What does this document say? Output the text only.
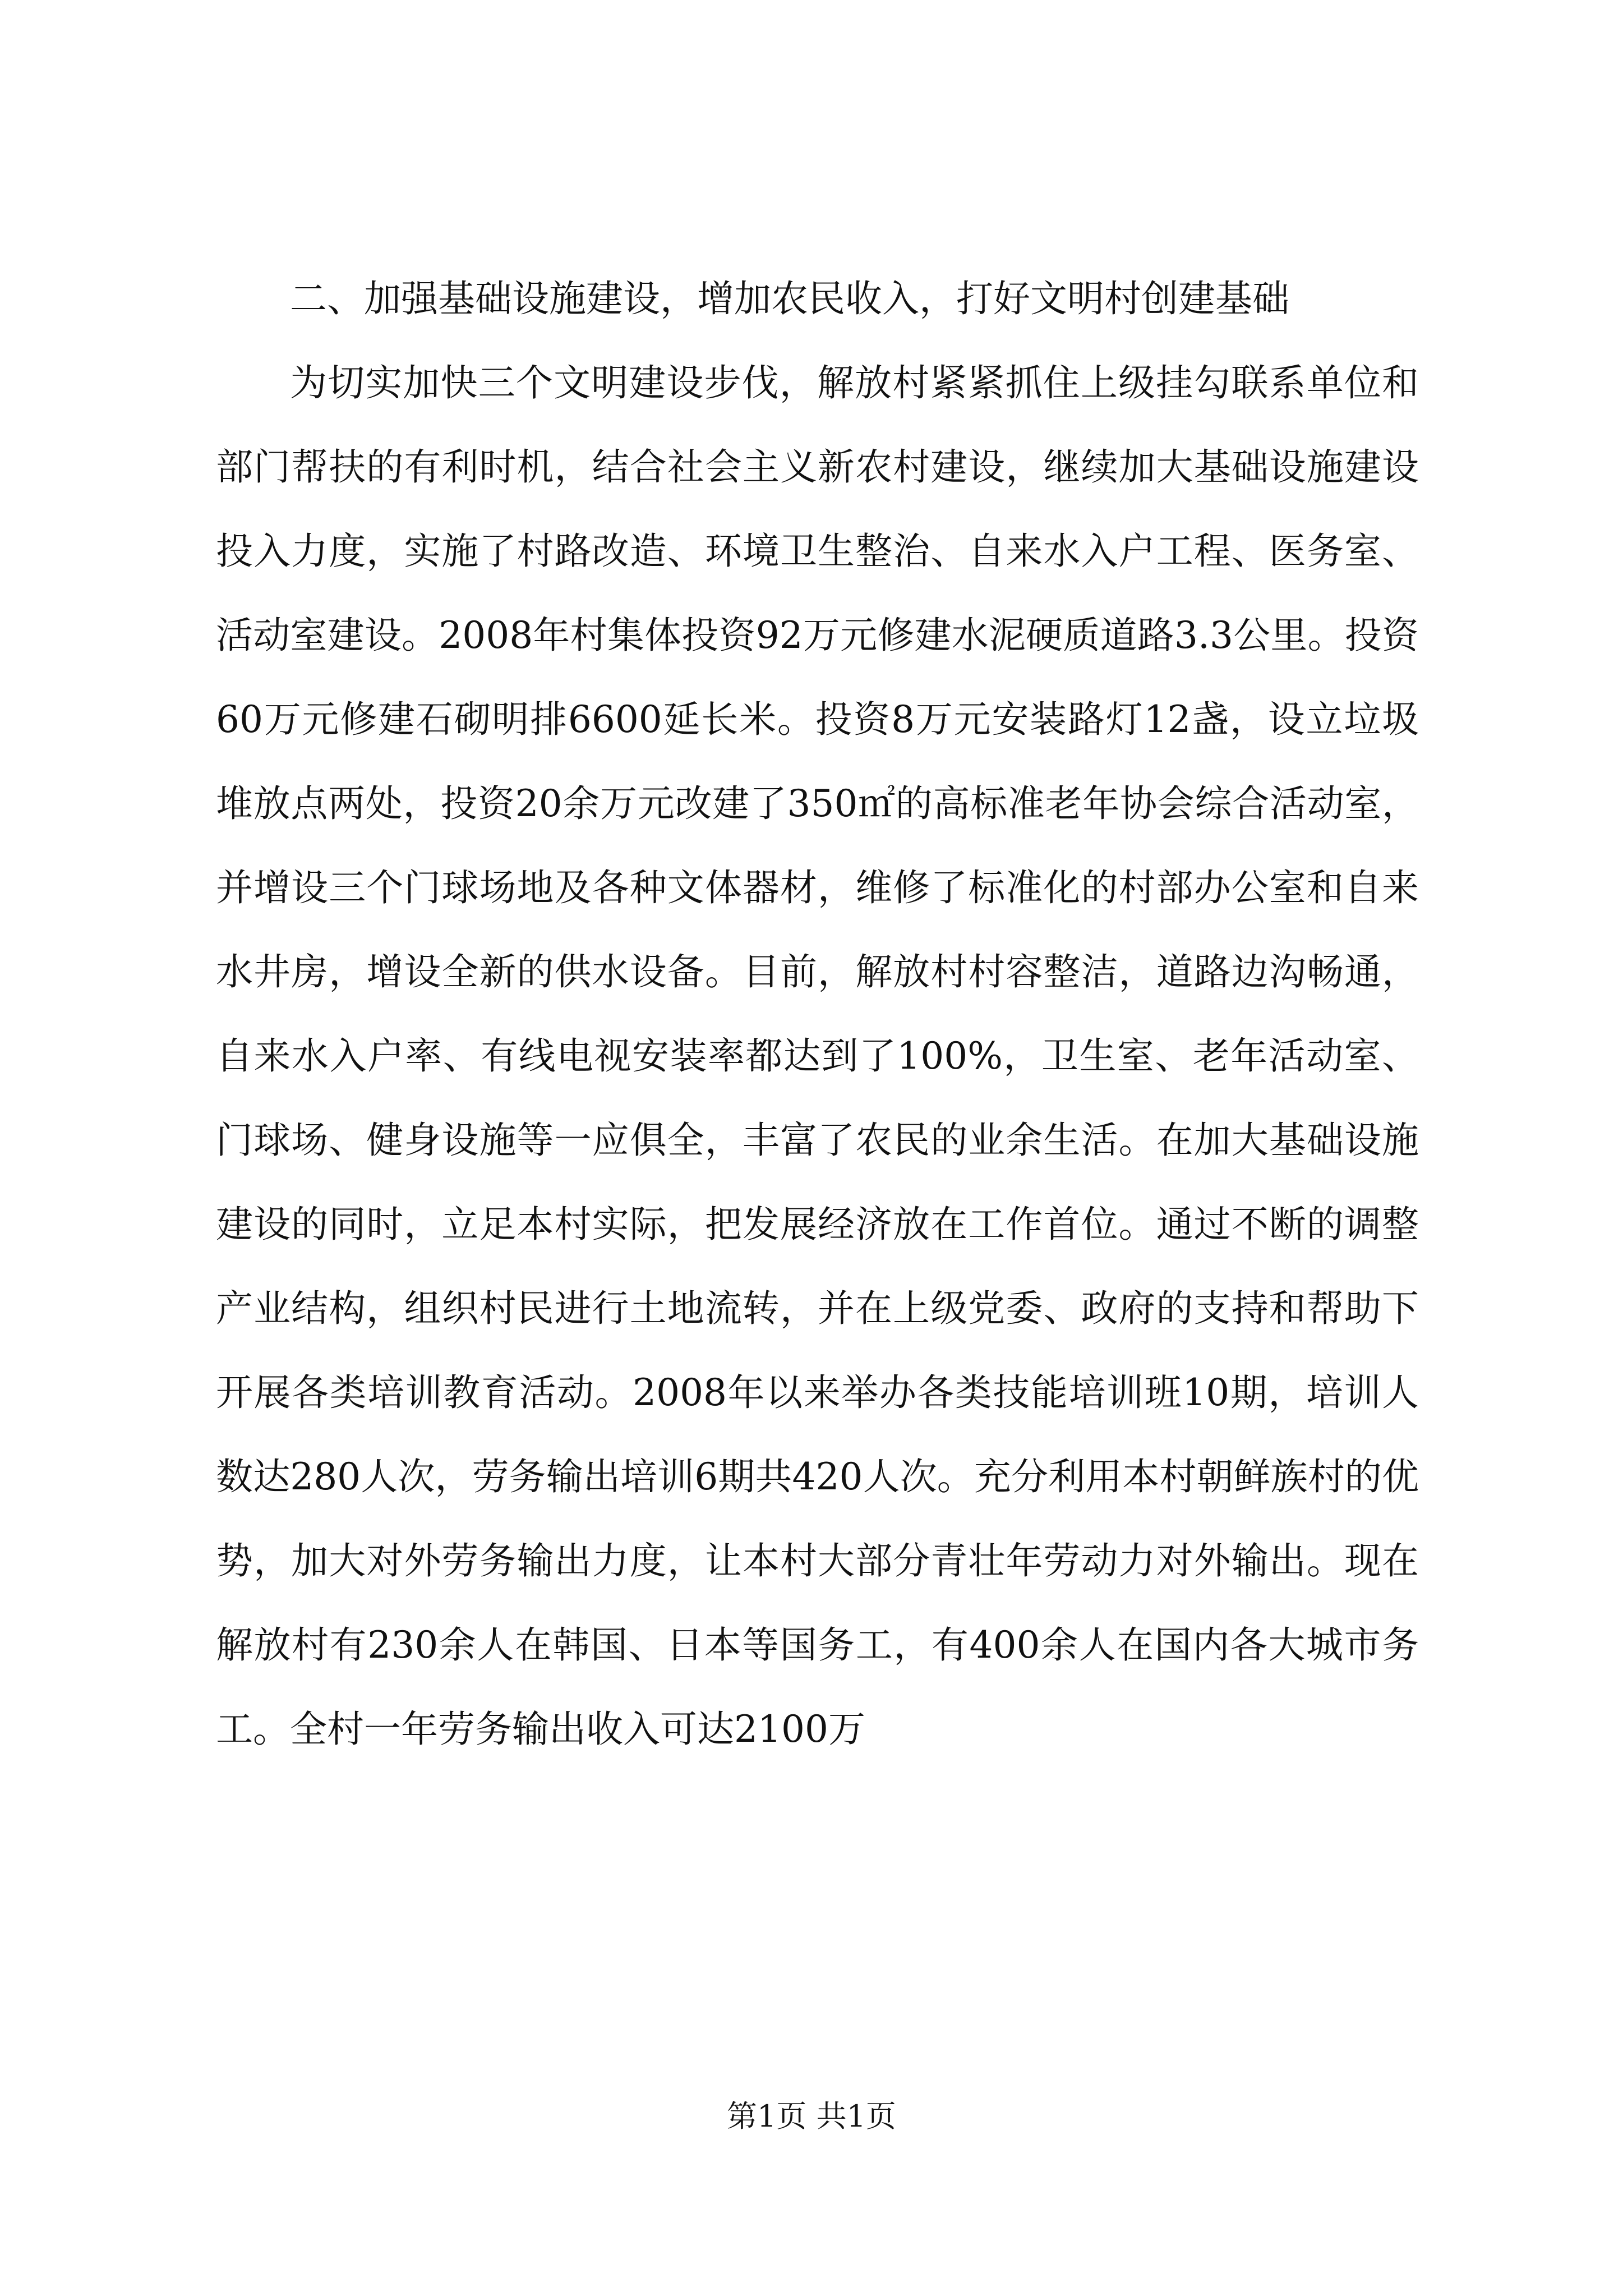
二、加强基础设施建设，增加农民收入，打好文明村创建基础

为切实加快三个文明建设步伐，解放村紧紧抓住上级挂勾联系单位和部门帮扶的有利时机，结合社会主义新农村建设，继续加大基础设施建设投入力度，实施了村路改造、环境卫生整治、自来水入户工程、医务室、活动室建设。2008年村集体投资92万元修建水泥硬质道路3.3公里。投资60万元修建石砌明排6600延长米。投资8万元安装路灯12盏，设立垃圾堆放点两处，投资20余万元改建了350㎡的高标准老年协会综合活动室，并增设三个门球场地及各种文体器材，维修了标准化的村部办公室和自来水井房，增设全新的供水设备。目前，解放村村容整洁，道路边沟畅通，自来水入户率、有线电视安装率都达到了100%，卫生室、老年活动室、门球场、健身设施等一应俱全，丰富了农民的业余生活。在加大基础设施建设的同时，立足本村实际，把发展经济放在工作首位。通过不断的调整产业结构，组织村民进行土地流转，并在上级党委、政府的支持和帮助下开展各类培训教育活动。2008年以来举办各类技能培训班10期，培训人数达280人次，劳务输出培训6期共420人次。充分利用本村朝鲜族村的优势，加大对外劳务输出力度，让本村大部分青壮年劳动力对外输出。现在解放村有230余人在韩国、日本等国务工，有400余人在国内各大城市务工。全村一年劳务输出收入可达2100万

第1页 共1页
